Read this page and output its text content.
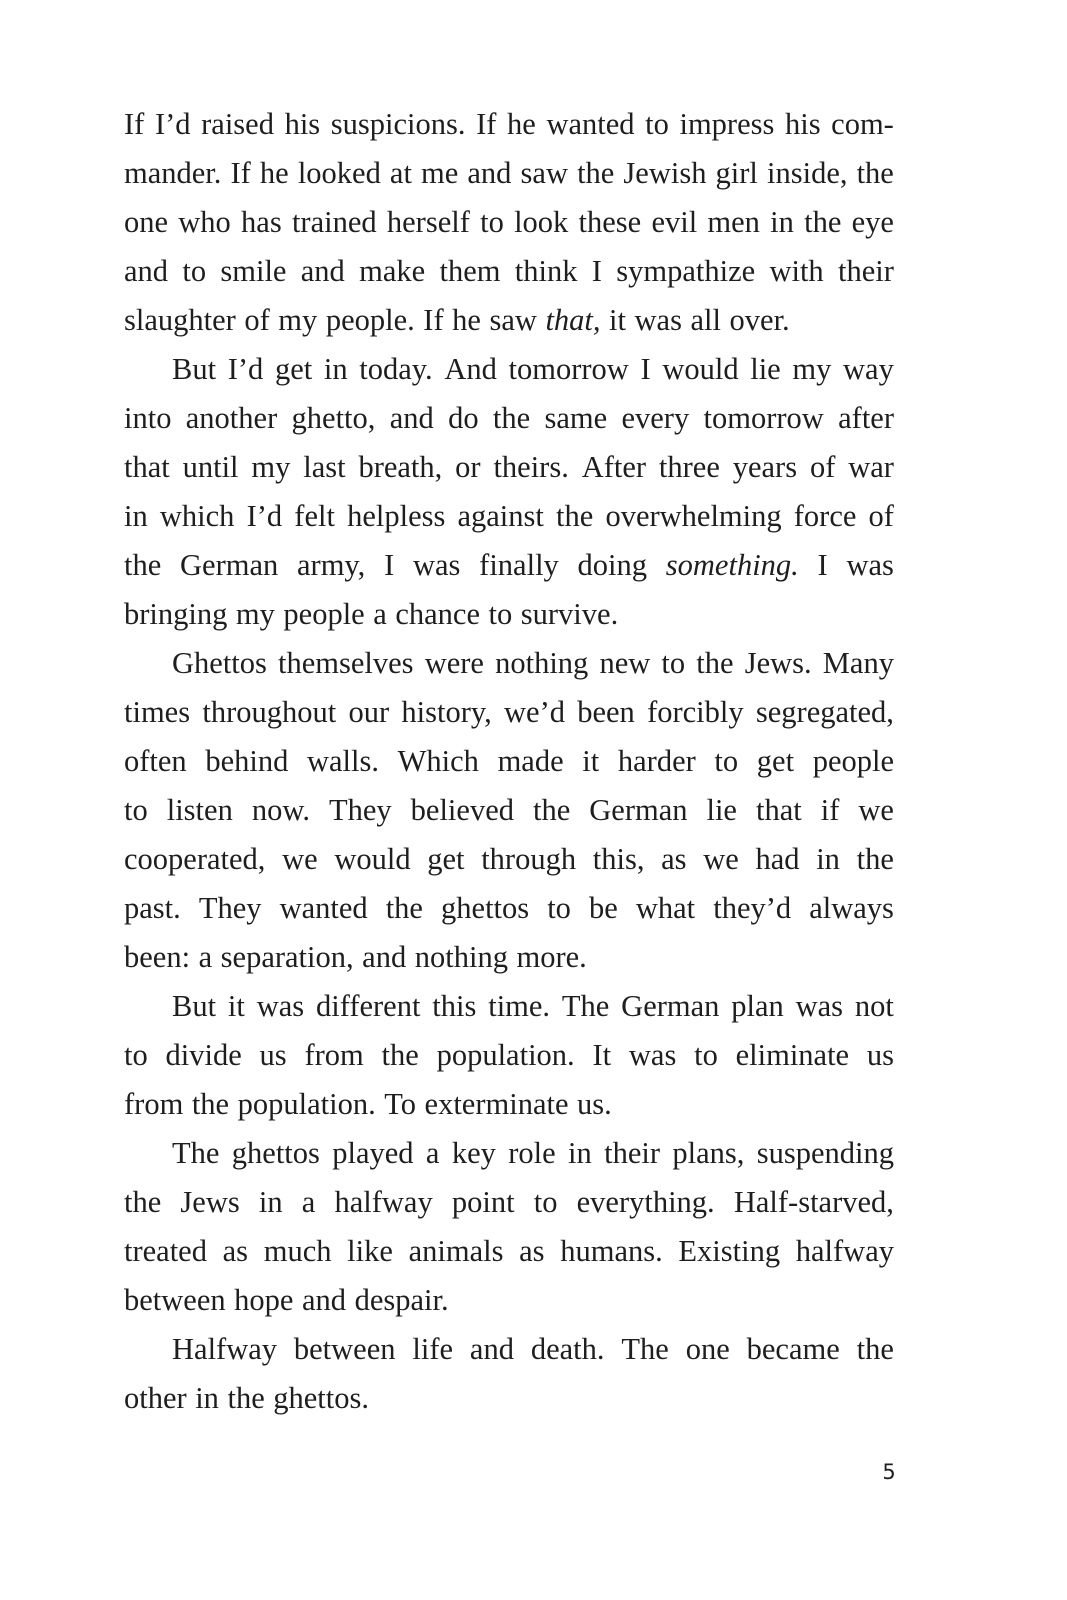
If I’d raised his suspicions. If he wanted to impress his com-
mander. If he looked at me and saw the Jewish girl inside, the
one who has trained herself to look these evil men in the eye
and to smile and make them think I sympathize with their
slaughter of my people. If he saw that, it was all over.
But I’d get in today. And tomorrow I would lie my way
into another ghetto, and do the same every tomorrow after
that until my last breath, or theirs. After three years of war
in which I’d felt helpless against the overwhelming force of
the German army, I was finally doing something. I was
bringing my people a chance to survive.
Ghettos themselves were nothing new to the Jews. Many
times throughout our history, we’d been forcibly segregated,
often behind walls. Which made it harder to get people
to listen now. They believed the German lie that if we
cooperated, we would get through this, as we had in the
past. They wanted the ghettos to be what they’d always
been: a separation, and nothing more.
But it was different this time. The German plan was not
to divide us from the population. It was to eliminate us
from the population. To exterminate us.
The ghettos played a key role in their plans, suspending
the Jews in a halfway point to everything. Half-starved,
treated as much like animals as humans. Existing halfway
between hope and despair.
Halfway between life and death. The one became the
other in the ghettos.
5
